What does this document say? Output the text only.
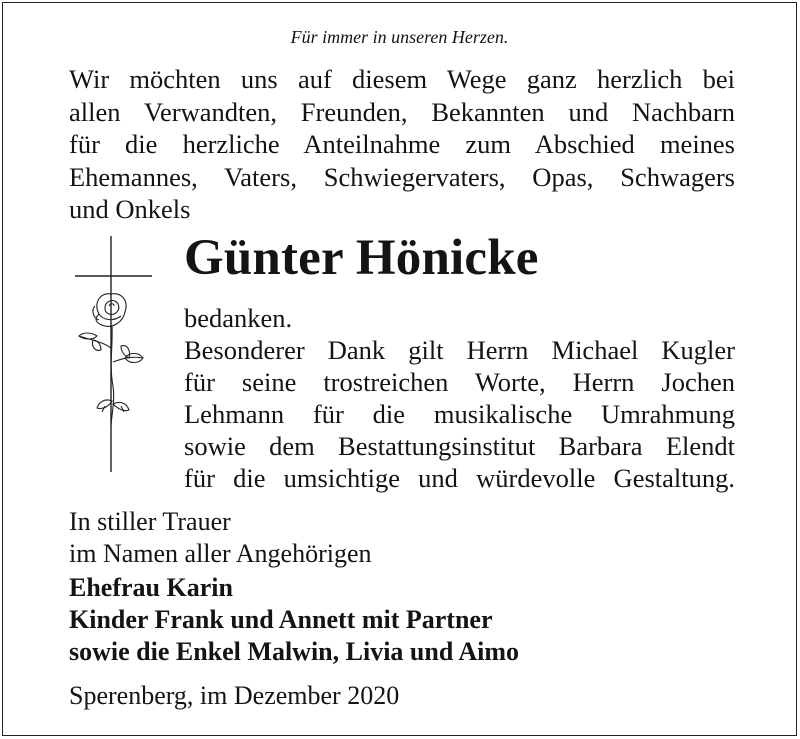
Für immer in unseren Herzen.
Wir möchten uns auf diesem Wege ganz herzlich bei
allen Verwandten, Freunden, Bekannten und Nachbarn
für die herzliche Anteilnahme zum Abschied meines
Ehemannes, Vaters, Schwiegervaters, Opas, Schwagers
und Onkels
Günter Hönicke
bedanken.
Besonderer Dank gilt Herrn Michael Kugler
für seine trostreichen Worte, Herrn Jochen
Lehmann für die musikalische Umrahmung
sowie dem Bestattungsinstitut Barbara Elendt
für die umsichtige und würdevolle Gestaltung.
In stiller Trauer
im Namen aller Angehörigen
Ehefrau Karin
Kinder Frank und Annett mit Partner
sowie die Enkel Malwin, Livia und Aimo
Sperenberg, im Dezember 2020
